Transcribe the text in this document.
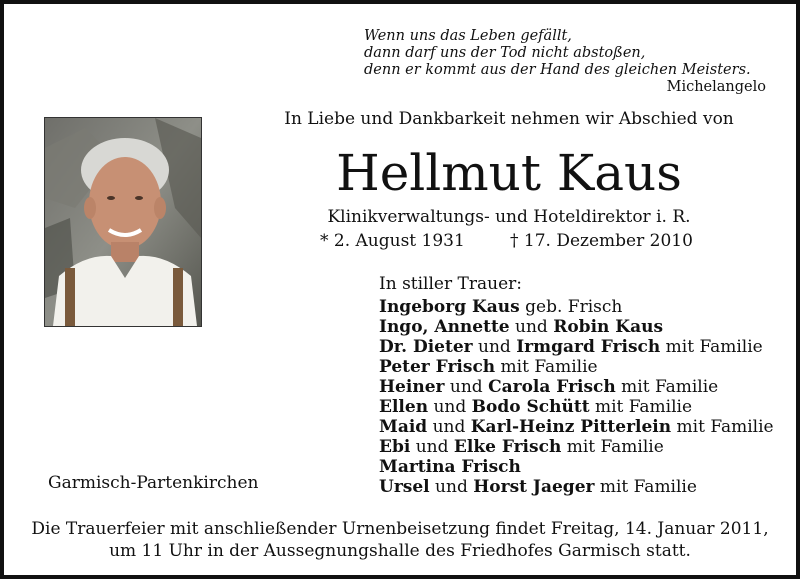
Wenn uns das Leben gefällt,
dann darf uns der Tod nicht abstoßen,
denn er kommt aus der Hand des gleichen Meisters.
Michelangelo
In Liebe und Dankbarkeit nehmen wir Abschied von
Hellmut Kaus
Klinikverwaltungs- und Hoteldirektor i. R.
* 2. August 1931	† 17. Dezember 2010
In stiller Trauer:
Ingeborg Kaus geb. Frisch
Ingo, Annette und Robin Kaus
Dr. Dieter und Irmgard Frisch mit Familie
Peter Frisch mit Familie
Heiner und Carola Frisch mit Familie
Ellen und Bodo Schütt mit Familie
Maid und Karl-Heinz Pitterlein mit Familie
Ebi und Elke Frisch mit Familie
Martina Frisch
Ursel und Horst Jaeger mit Familie
Garmisch-Partenkirchen
Die Trauerfeier mit anschließender Urnenbeisetzung findet Freitag, 14. Januar 2011,
um 11 Uhr in der Aussegnungshalle des Friedhofes Garmisch statt.
